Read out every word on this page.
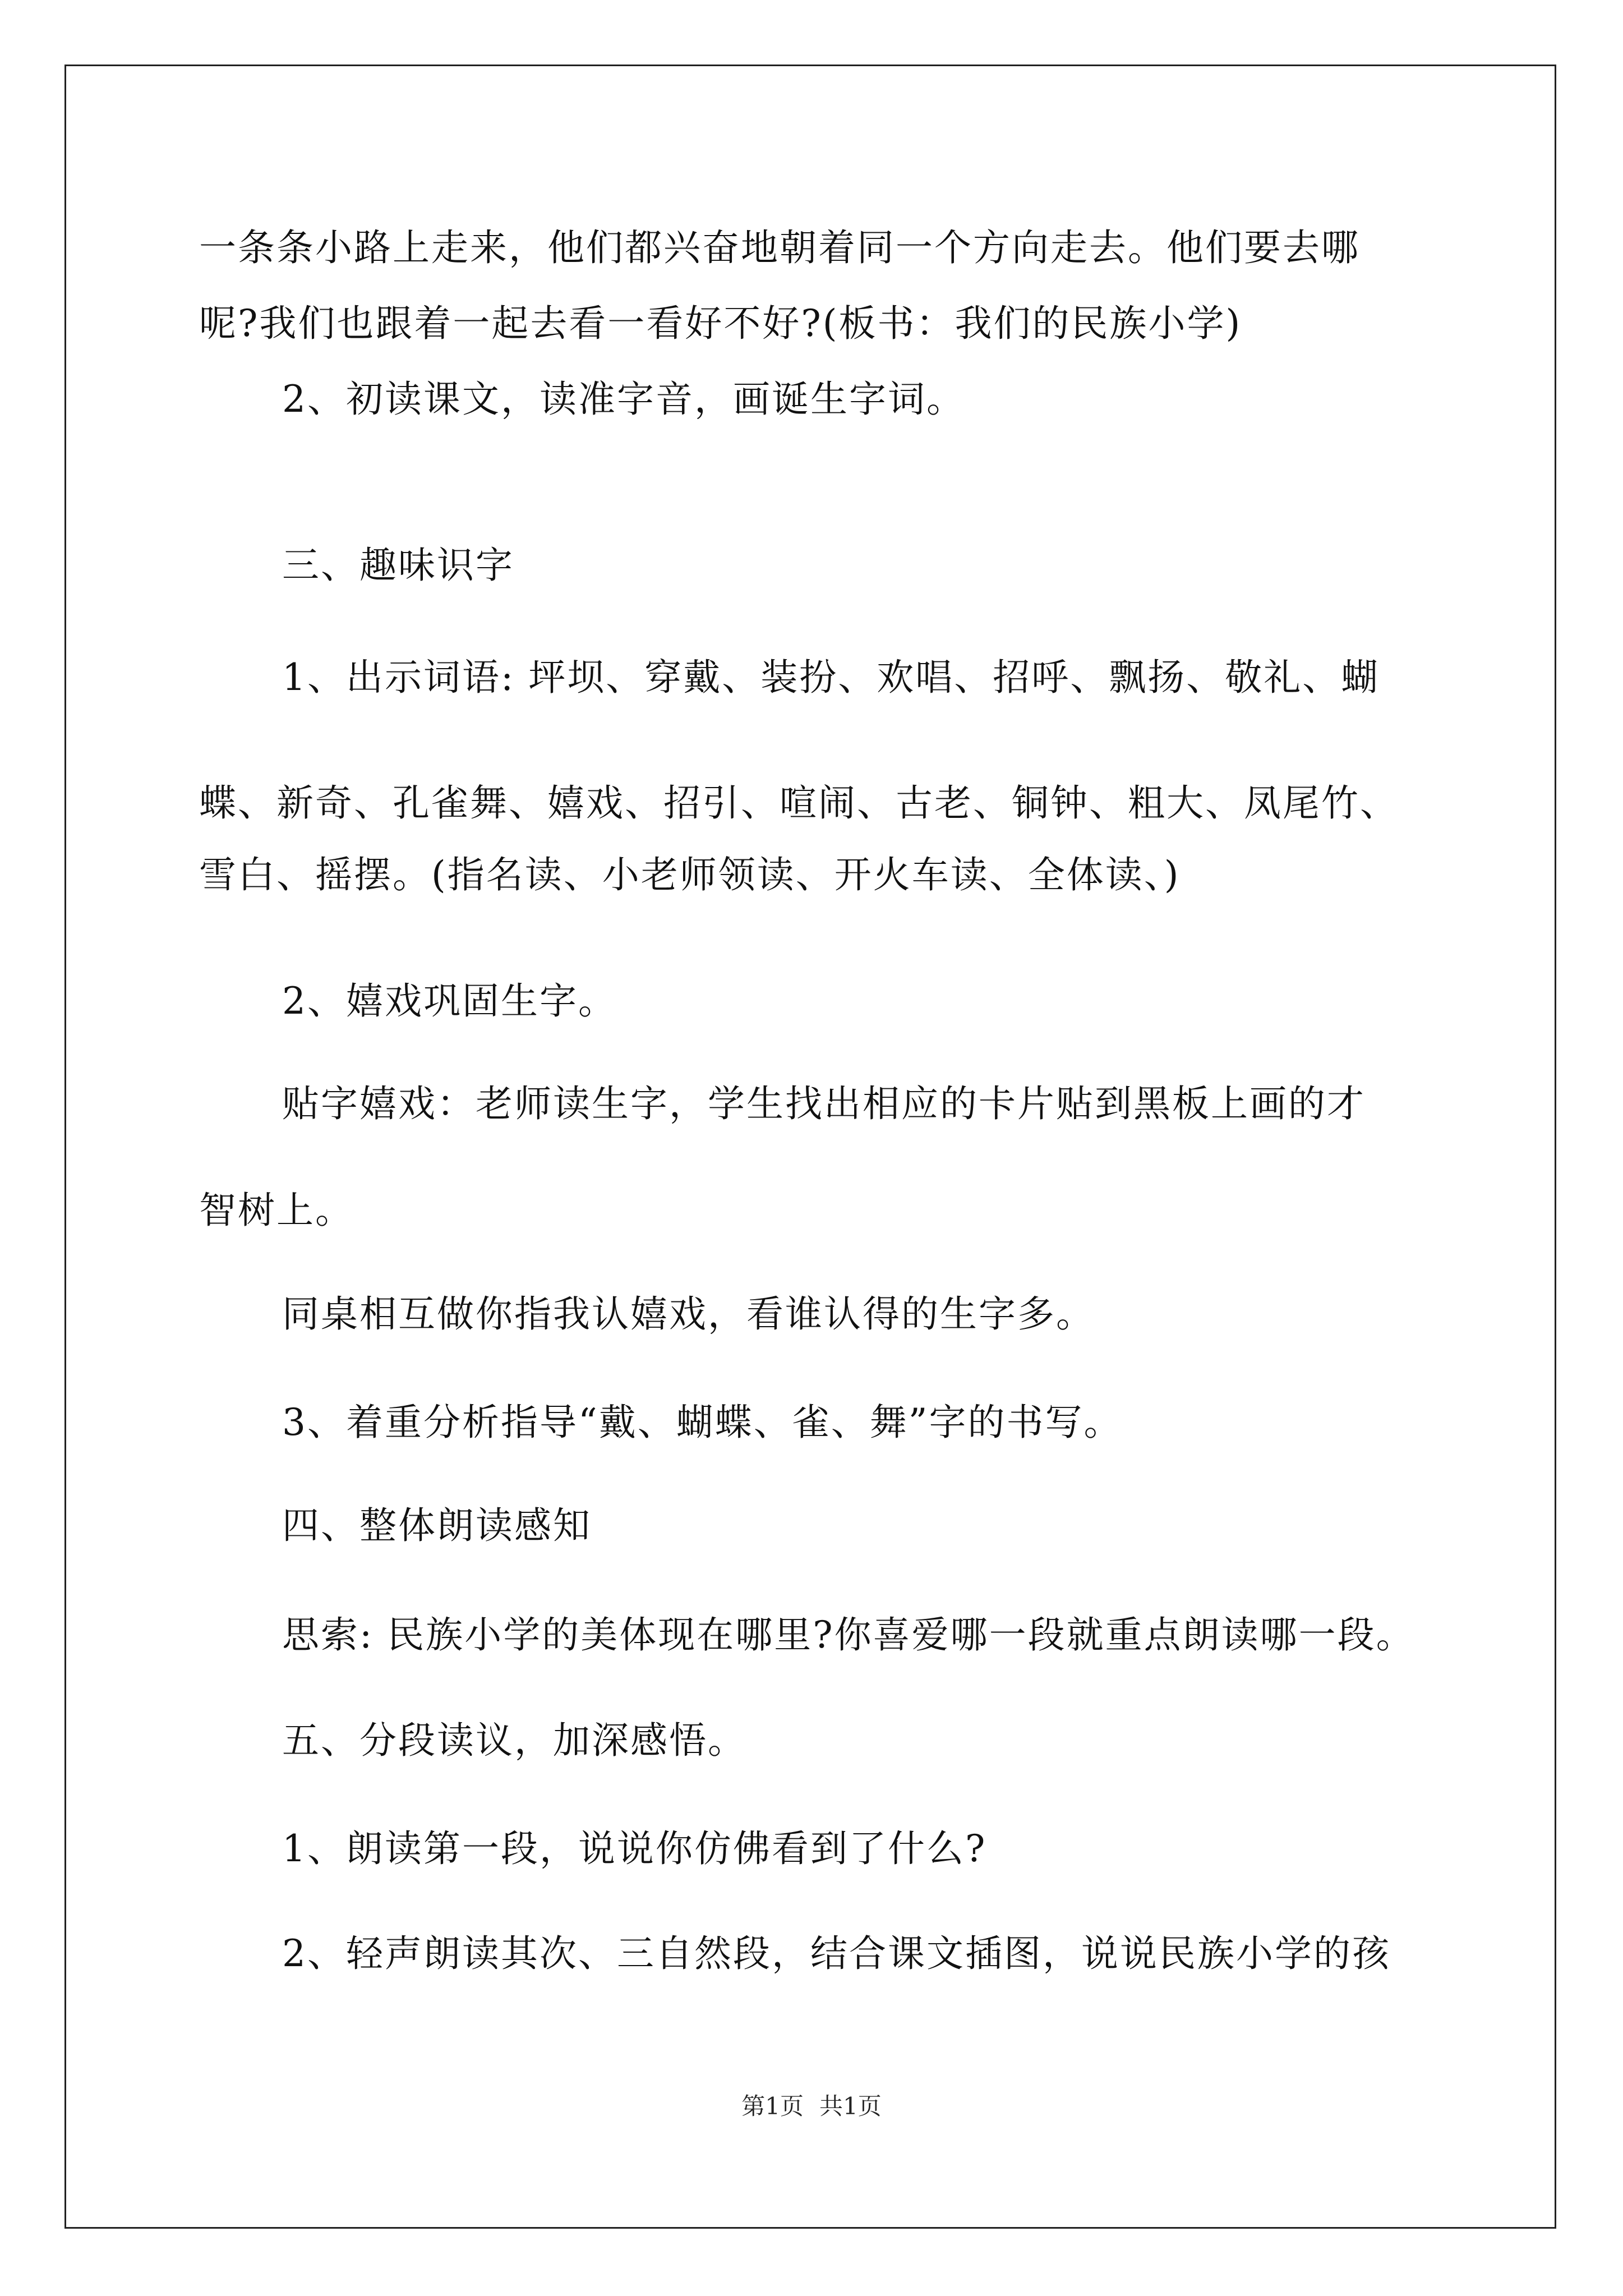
一条条小路上走来，他们都兴奋地朝着同一个方向走去。他们要去哪
呢?我们也跟着一起去看一看好不好?(板书：我们的民族小学)
2、初读课文，读准字音，画诞生字词。
三、趣味识字
1、出示词语: 坪坝、穿戴、装扮、欢唱、招呼、飘扬、敬礼、蝴
蝶、新奇、孔雀舞、嬉戏、招引、喧闹、古老、铜钟、粗大、凤尾竹、
雪白、摇摆。(指名读、小老师领读、开火车读、全体读、)
2、嬉戏巩固生字。
贴字嬉戏：老师读生字，学生找出相应的卡片贴到黑板上画的才
智树上。
同桌相互做你指我认嬉戏，看谁认得的生字多。
3、着重分析指导“戴、蝴蝶、雀、舞”字的书写。
四、整体朗读感知
思索: 民族小学的美体现在哪里?你喜爱哪一段就重点朗读哪一段。
五、分段读议，加深感悟。
1、朗读第一段，说说你仿佛看到了什么?
2、轻声朗读其次、三自然段，结合课文插图，说说民族小学的孩
第1页 共1页
